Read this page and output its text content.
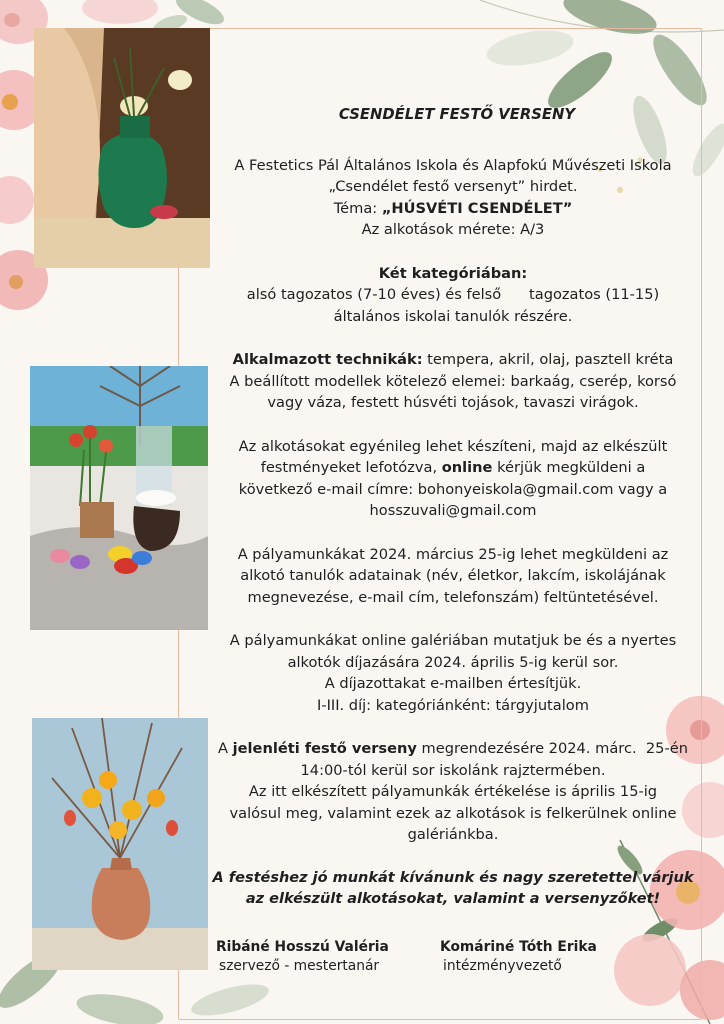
CSENDÉLET FESTŐ VERSENY

A Festetics Pál Általános Iskola és Alapfokú Művészeti Iskola

„Csendélet festő versenyt” hirdet.

Téma: „HÚSVÉTI CSENDÉLET”

Az alkotások mérete: A/3

Két kategóriában:

alsó tagozatos (7-10 éves) és felső      tagozatos (11-15)

általános iskolai tanulók részére.

Alkalmazott technikák: tempera, akril, olaj, pasztell kréta

A beállított modellek kötelező elemei: barkaág, cserép, korsó

vagy váza, festett húsvéti tojások, tavaszi virágok.

Az alkotásokat egyénileg lehet készíteni, majd az elkészült

festményeket lefotózva, online kérjük megküldeni a

következő e-mail címre: bohonyeiskola@gmail.com vagy a

hosszuvali@gmail.com

A pályamunkákat 2024. március 25-ig lehet megküldeni az

alkotó tanulók adatainak (név, életkor, lakcím, iskolájának

megnevezése, e-mail cím, telefonszám) feltüntetésével.

A pályamunkákat online galériában mutatjuk be és a nyertes

alkotók díjazására 2024. április 5-ig kerül sor.

A díjazottakat e-mailben értesítjük.

I-III. díj: kategóriánként: tárgyjutalom

A jelenléti festő verseny megrendezésére 2024. márc.  25-én

14:00-tól kerül sor iskolánk rajztermében.

Az itt elkészített pályamunkák értékelése is április 15-ig

valósul meg, valamint ezek az alkotások is felkerülnek online

galériánkba.

A festéshez jó munkát kívánunk és nagy szeretettel várjuk
az elkészült alkotásokat, valamint a versenyzőket!
Ribáné Hosszú Valéria
szervező - mestertanár
Komáriné Tóth Erika
intézményvezető
